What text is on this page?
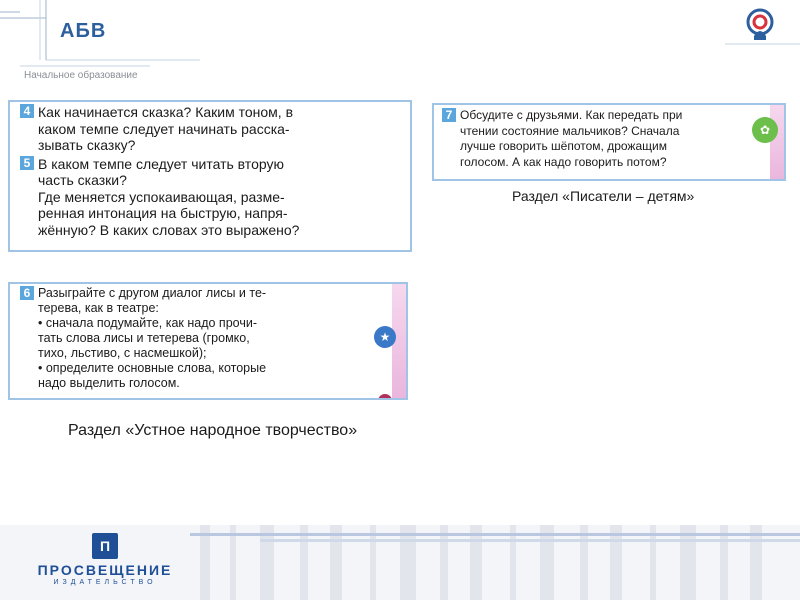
АБВ
Начальное образование
4 Как начинается сказка? Каким тоном, в
каком темпе следует начинать расска-
зывать сказку?
5 В каком темпе следует читать вторую
часть сказки?
Где меняется успокаивающая, разме-
ренная интонация на быструю, напря-
жённую? В каких словах это выражено?
★
6 Разыграйте с другом диалог лисы и те-
терева, как в театре:
• сначала подумайте, как надо прочи-
тать слова лисы и тетерева (громко,
тихо, льстиво, с насмешкой);
• определите основные слова, которые
надо выделить голосом.
Раздел «Устное народное творчество»
✿
7 Обсудите с друзьями. Как передать при
чтении состояние мальчиков? Сначала
лучше говорить шёпотом, дрожащим
голосом. А как надо говорить потом?
Раздел «Писатели – детям»
П
ПРОСВЕЩЕНИЕ
ИЗДАТЕЛЬСТВО
